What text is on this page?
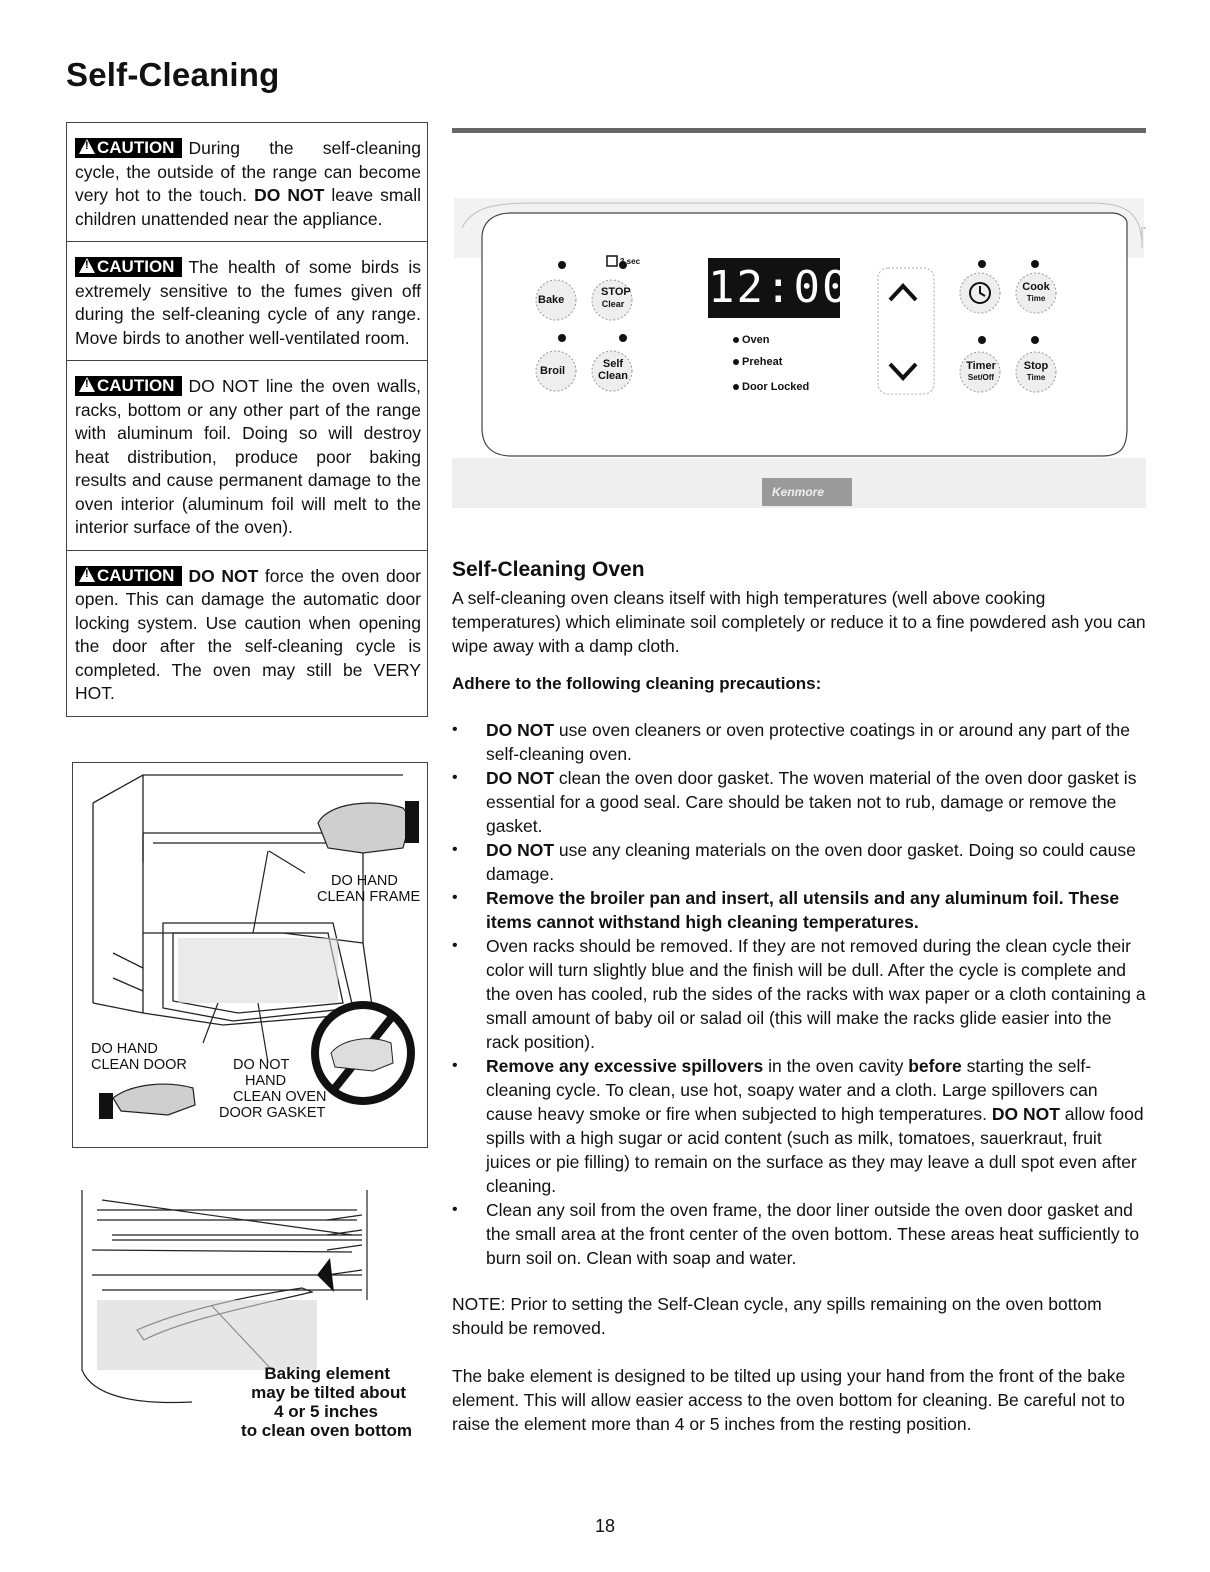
Self-Cleaning
!CAUTION During the self-cleaning cycle, the outside of the range can become very hot to the touch. DO NOT leave small children unattended near the appliance.
!CAUTION The health of some birds is extremely sensitive to the fumes given off during the self-cleaning cycle of any range. Move birds to another well-ventilated room.
!CAUTION DO NOT line the oven walls, racks, bottom or any other part of the range with aluminum foil. Doing so will destroy heat distribution, produce poor baking results and cause permanent damage to the oven interior (aluminum foil will melt to the interior surface of the oven).
!CAUTION DO NOT force the oven door open. This can damage the automatic door locking system. Use caution when opening the door after the self-cleaning cycle is completed. The oven may still be VERY HOT.
DO HAND
CLEAN FRAME
DO HAND
CLEAN DOOR	DO NOT
HAND
CLEAN OVEN
DOOR GASKET
Baking element
may be tilted about
4 or 5 inches
to clean oven bottom
Bake
STOP
Clear
Broil
Self
Clean
3 sec
12:00
Oven
Preheat
Door Locked
Cook
Time
Timer
Set/Off
Stop
Time
Kenmore
Self-Cleaning Oven

A self-cleaning oven cleans itself with high temperatures (well above cooking temperatures) which eliminate soil completely or reduce it to a fine powdered ash you can wipe away with a damp cloth.

Adhere to the following cleaning precautions:
• DO NOT use oven cleaners or oven protective coatings in or around any part of the self-cleaning oven.
• DO NOT clean the oven door gasket. The woven material of the oven door gasket is essential for a good seal. Care should be taken not to rub, damage or remove the gasket.
• DO NOT use any cleaning materials on the oven door gasket. Doing so could cause damage.
• Remove the broiler pan and insert, all utensils and any aluminum foil. These items cannot withstand high cleaning temperatures.
• Oven racks should be removed. If they are not removed during the clean cycle their color will turn slightly blue and the finish will be dull. After the cycle is complete and the oven has cooled, rub the sides of the racks with wax paper or a cloth containing a small amount of baby oil or salad oil (this will make the racks glide easier into the rack position).
• Remove any excessive spillovers in the oven cavity before starting the self-cleaning cycle. To clean, use hot, soapy water and a cloth. Large spillovers can cause heavy smoke or fire when subjected to high temperatures. DO NOT allow food spills with a high sugar or acid content (such as milk, tomatoes, sauerkraut, fruit juices or pie filling) to remain on the surface as they may leave a dull spot even after cleaning.
• Clean any soil from the oven frame, the door liner outside the oven door gasket and the small area at the front center of the oven bottom. These areas heat sufficiently to burn soil on. Clean with soap and water.

NOTE: Prior to setting the Self-Clean cycle, any spills remaining on the oven bottom should be removed.

The bake element is designed to be tilted up using your hand from the front of the bake element. This will allow easier access to the oven bottom for cleaning. Be careful not to raise the element more than 4 or 5 inches from the resting position.

18
